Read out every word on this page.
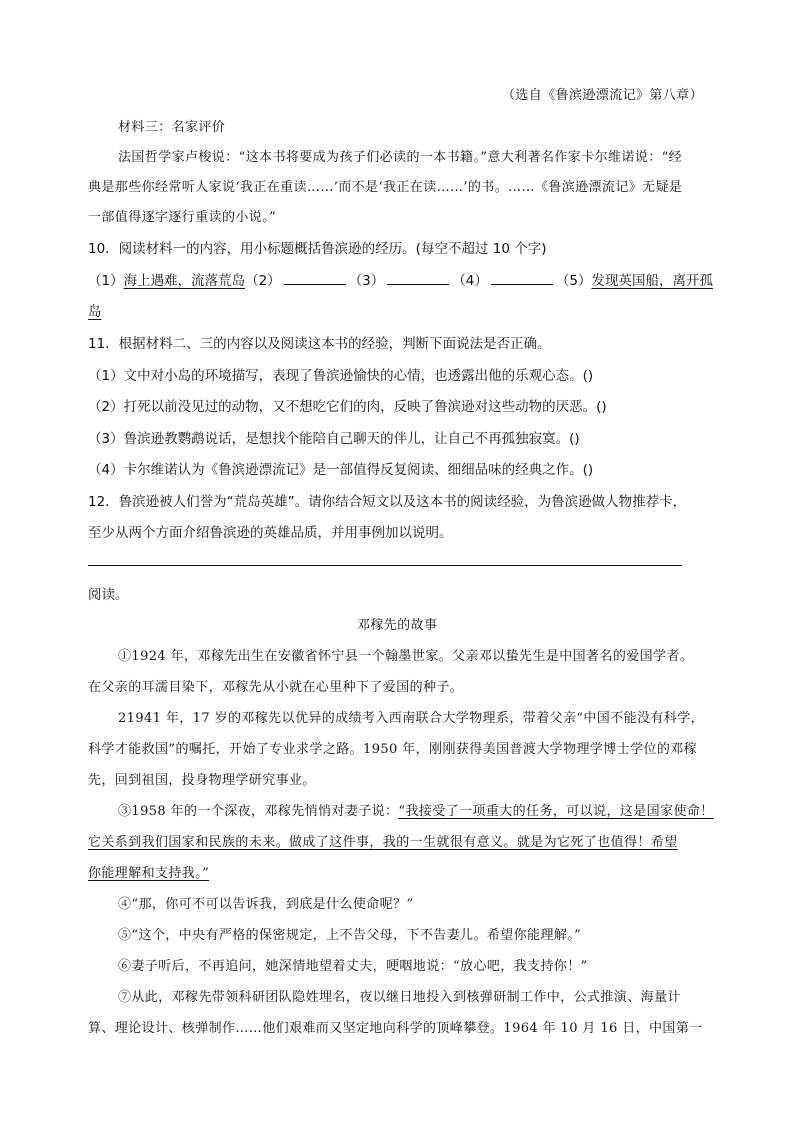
（选自《鲁滨逊漂流记》第八章）
材料三：名家评价
法国哲学家卢梭说：“这本书将要成为孩子们必读的一本书籍。”意大利著名作家卡尔维诺说：“经
典是那些你经常听人家说‘我正在重读……’而不是‘我正在读……’的书。……《鲁滨逊漂流记》无疑是
一部值得逐字逐行重读的小说。”
10．阅读材料一的内容，用小标题概括鲁滨逊的经历。(每空不超过 10 个字)
（1）海上遇难，流落荒岛（2）	（3）	（4）	（5）发现英国船，离开孤
岛
11．根据材料二、三的内容以及阅读这本书的经验，判断下面说法是否正确。
（1）文中对小岛的环境描写，表现了鲁滨逊愉快的心情，也透露出他的乐观心态。()
（2）打死以前没见过的动物，又不想吃它们的肉，反映了鲁滨逊对这些动物的厌恶。()
（3）鲁滨逊教鹦鹉说话，是想找个能陪自己聊天的伴儿，让自己不再孤独寂寞。()
（4）卡尔维诺认为《鲁滨逊漂流记》是一部值得反复阅读、细细品味的经典之作。()
12．鲁滨逊被人们誉为“荒岛英雄”。请你结合短文以及这本书的阅读经验，为鲁滨逊做人物推荐卡，
至少从两个方面介绍鲁滨逊的英雄品质，并用事例加以说明。
阅读。
邓稼先的故事
①1924 年，邓稼先出生在安徽省怀宁县一个翰墨世家。父亲邓以蛰先生是中国著名的爱国学者。
在父亲的耳濡目染下，邓稼先从小就在心里种下了爱国的种子。
21941 年，17 岁的邓稼先以优异的成绩考入西南联合大学物理系，带着父亲“中国不能没有科学，
科学才能救国”的嘱托，开始了专业求学之路。1950 年，刚刚获得美国普渡大学物理学博士学位的邓稼
先，回到祖国，投身物理学研究事业。
③1958 年的一个深夜，邓稼先悄悄对妻子说：“我接受了一项重大的任务，可以说，这是国家使命！
它关系到我们国家和民族的未来。做成了这件事，我的一生就很有意义。就是为它死了也值得！希望
你能理解和支持我。”
④“那，你可不可以告诉我，到底是什么使命呢？”
⑤“这个，中央有严格的保密规定，上不告父母，下不告妻儿。希望你能理解。”
⑥妻子听后，不再追问，她深情地望着丈夫，哽咽地说：“放心吧，我支持你！”
⑦从此，邓稼先带领科研团队隐姓埋名，夜以继日地投入到核弹研制工作中，公式推演、海量计
算、理论设计、核弹制作……他们艰难而又坚定地向科学的顶峰攀登。1964 年 10 月 16 日，中国第一
